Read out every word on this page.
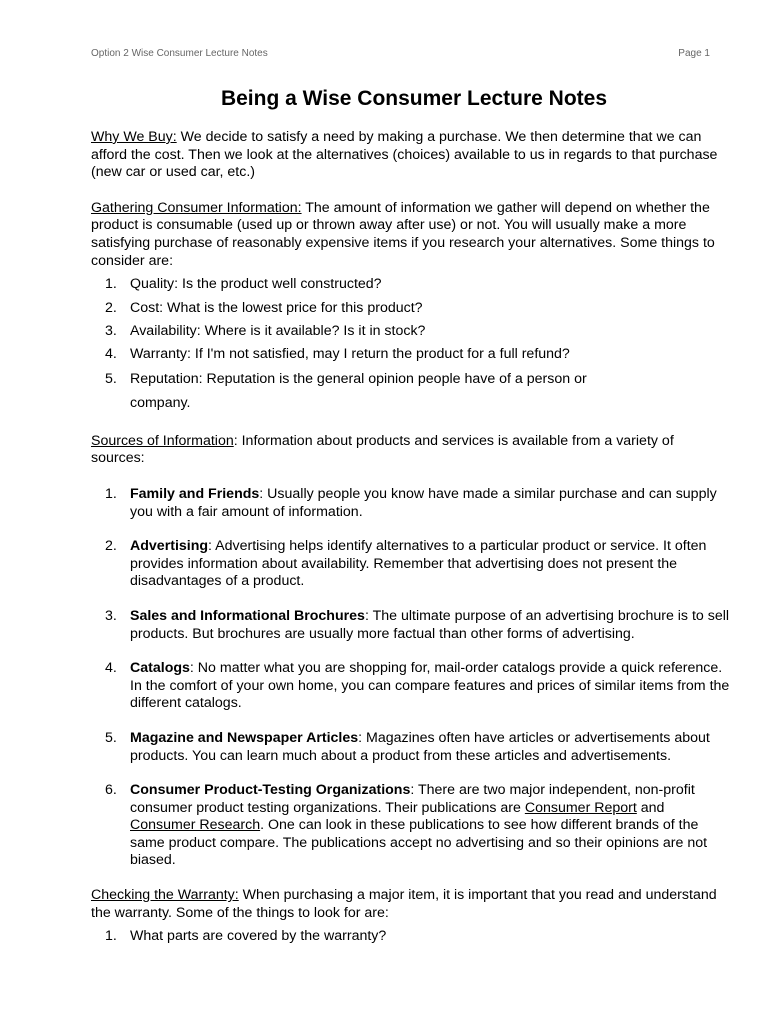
Option 2 Wise Consumer Lecture Notes	Page 1
Being a Wise Consumer Lecture Notes

Why We Buy: We decide to satisfy a need by making a purchase. We then determine that we can afford the cost. Then we look at the alternatives (choices) available to us in regards to that purchase (new car or used car, etc.)

Gathering Consumer Information: The amount of information we gather will depend on whether the product is consumable (used up or thrown away after use) or not. You will usually make a more satisfying purchase of reasonably expensive items if you research your alternatives. Some things to consider are:

1. Quality: Is the product well constructed?
2. Cost: What is the lowest price for this product?
3. Availability: Where is it available? Is it in stock?
4. Warranty: If I'm not satisfied, may I return the product for a full refund?
5. Reputation: Reputation is the general opinion people have of a person or company.

Sources of Information: Information about products and services is available from a variety of sources:

1. Family and Friends: Usually people you know have made a similar purchase and can supply you with a fair amount of information.
2. Advertising: Advertising helps identify alternatives to a particular product or service. It often provides information about availability. Remember that advertising does not present the disadvantages of a product.
3. Sales and Informational Brochures: The ultimate purpose of an advertising brochure is to sell products. But brochures are usually more factual than other forms of advertising.
4. Catalogs: No matter what you are shopping for, mail-order catalogs provide a quick reference. In the comfort of your own home, you can compare features and prices of similar items from the different catalogs.
5. Magazine and Newspaper Articles: Magazines often have articles or advertisements about products. You can learn much about a product from these articles and advertisements.
6. Consumer Product-Testing Organizations: There are two major independent, non-profit consumer product testing organizations. Their publications are Consumer Report and Consumer Research. One can look in these publications to see how different brands of the same product compare. The publications accept no advertising and so their opinions are not biased.

Checking the Warranty: When purchasing a major item, it is important that you read and understand the warranty. Some of the things to look for are:

1. What parts are covered by the warranty?
